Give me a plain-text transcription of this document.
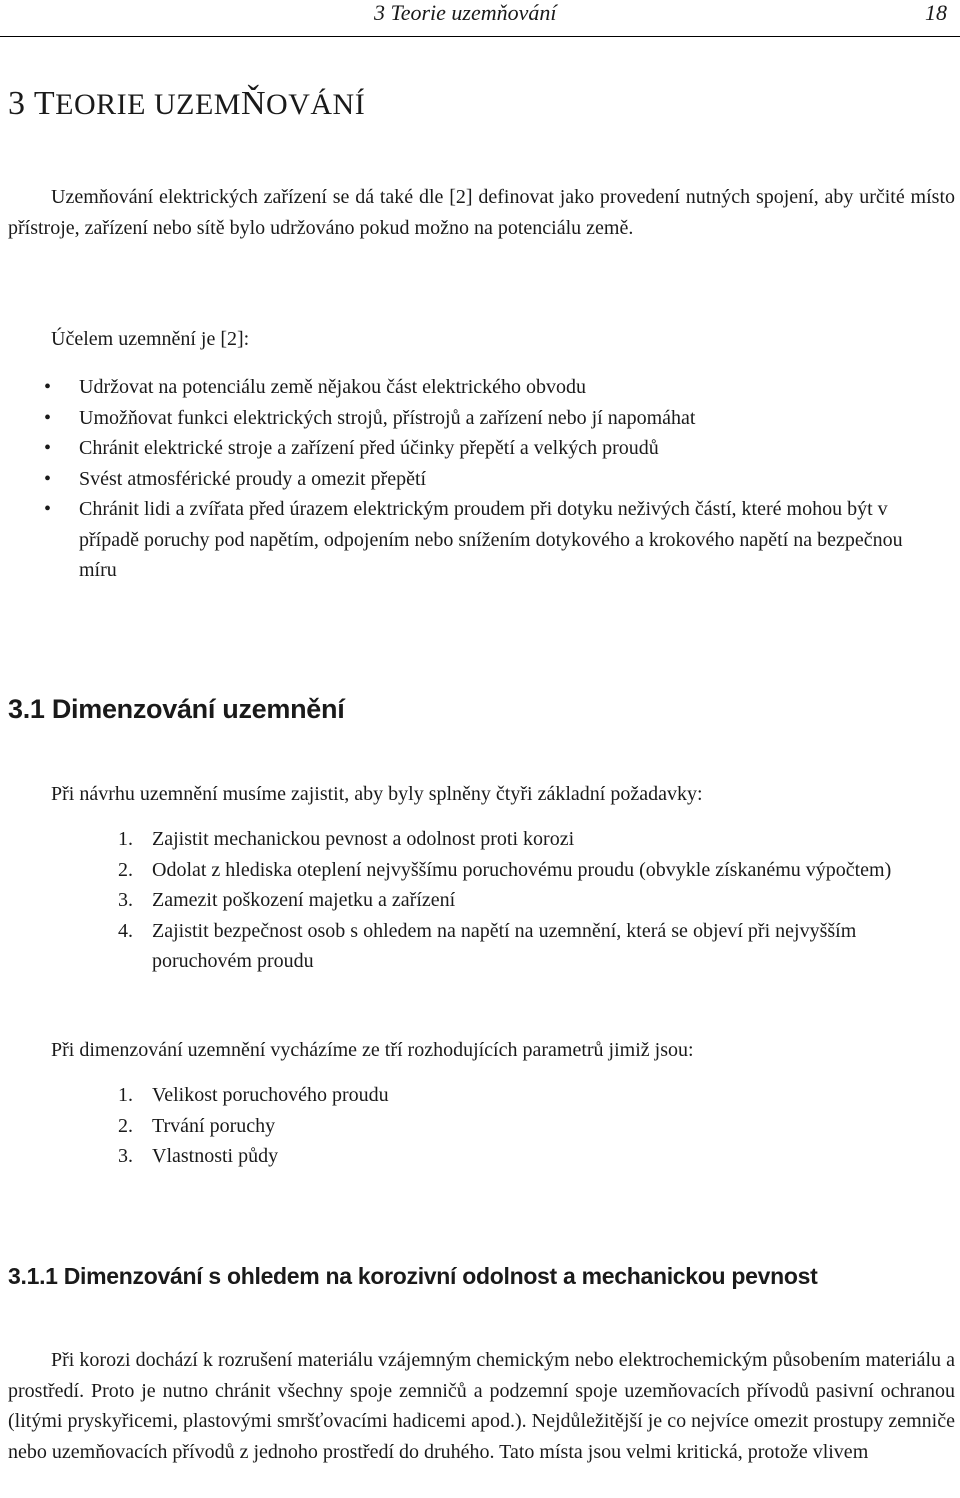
3 Teorie uzemňování	18
3 TEORIE UZEMŇOVÁNÍ

Uzemňování elektrických zařízení se dá také dle [2] definovat jako provedení nutných spojení, aby určité místo přístroje, zařízení nebo sítě bylo udržováno pokud možno na potenciálu země.

Účelem uzemnění je [2]:

• Udržovat na potenciálu země nějakou část elektrického obvodu
• Umožňovat funkci elektrických strojů, přístrojů a zařízení nebo jí napomáhat
• Chránit elektrické stroje a zařízení před účinky přepětí a velkých proudů
• Svést atmosférické proudy a omezit přepětí
• Chránit lidi a zvířata před úrazem elektrickým proudem při dotyku neživých částí, které mohou být v případě poruchy pod napětím, odpojením nebo snížením dotykového a krokového napětí na bezpečnou míru
3.1 Dimenzování uzemnění

Při návrhu uzemnění musíme zajistit, aby byly splněny čtyři základní požadavky:

1. Zajistit mechanickou pevnost a odolnost proti korozi
2. Odolat z hlediska oteplení nejvyššímu poruchovému proudu (obvykle získanému výpočtem)
3. Zamezit poškození majetku a zařízení
4. Zajistit bezpečnost osob s ohledem na napětí na uzemnění, která se objeví při nejvyšším poruchovém proudu

Při dimenzování uzemnění vycházíme ze tří rozhodujících parametrů jimiž jsou:

1. Velikost poruchového proudu
2. Trvání poruchy
3. Vlastnosti půdy
3.1.1 Dimenzování s ohledem na korozivní odolnost a mechanickou pevnost

Při korozi dochází k rozrušení materiálu vzájemným chemickým nebo elektrochemickým působením materiálu a prostředí. Proto je nutno chránit všechny spoje zemničů a podzemní spoje uzemňovacích přívodů pasivní ochranou (litými pryskyřicemi, plastovými smršťovacími hadicemi apod.). Nejdůležitější je co nejvíce omezit prostupy zemniče nebo uzemňovacích přívodů z jednoho prostředí do druhého. Tato místa jsou velmi kritická, protože vlivem
